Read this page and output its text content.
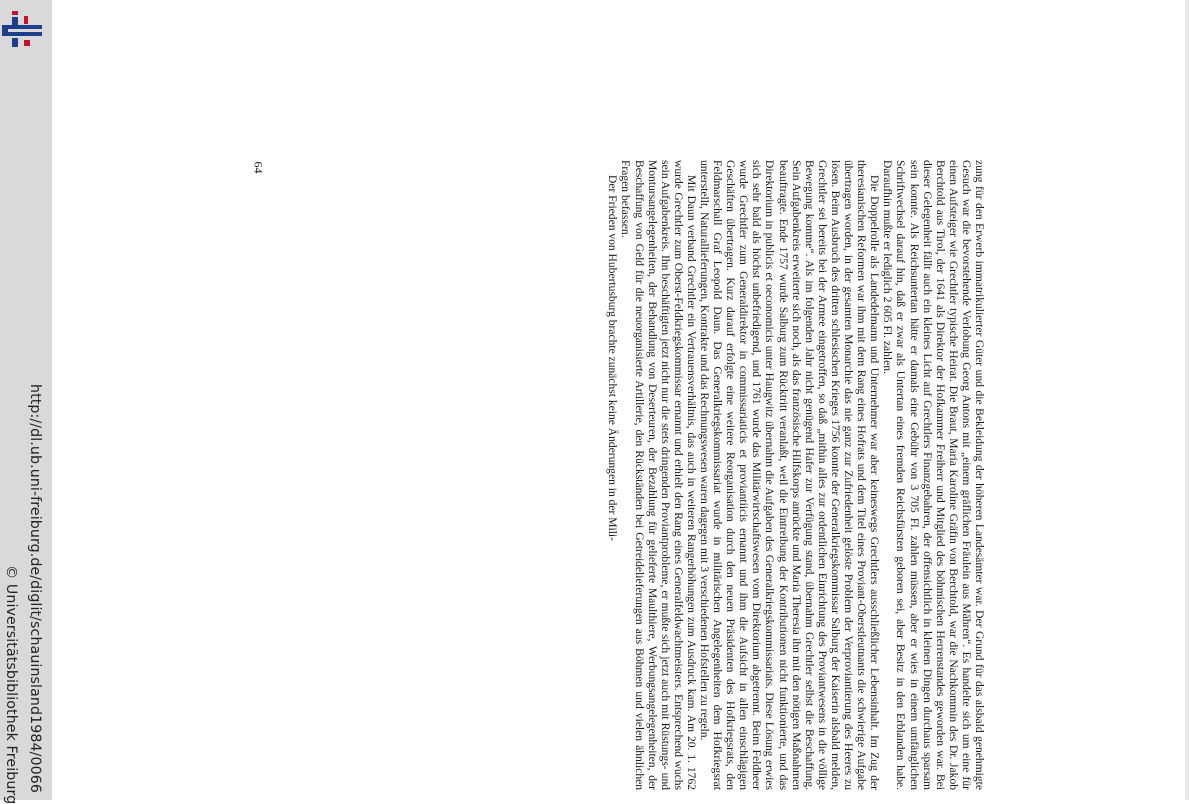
http://dl.ub.uni-freiburg.de/diglit/schauinsland1984/0066
© Universitätsbibliothek Freiburg	zung für den Erwerb immatrikulierter Güter und die Bekleidung der höheren Landesämter war. Der Grund für das alsbald genehmigte Gesuch war die bevorstehende Verlobung Georg Antons mit „einem gräflichen Fräulein aus Mähren“. Es handelte sich um eine für einen Aufsteiger wie Grechtler typische Heirat. Die Braut, Maria Karoline Gräfin von Berchtold, war die Nachkommin des Dr. Jakob Berchtold aus Tirol, der 1641 als Direktor der Hofkammer Freiherr und Mitglied des böhmischen Herrenstandes geworden war. Bei dieser Gelegenheit fällt auch ein kleines Licht auf Grechtlers Finanzgebahren, der offensichtlich in kleinen Dingen durchaus sparsam sein konnte. Als Reichsuntertan hätte er damals eine Gebühr von 3 705 Fl. zahlen müssen, aber er wies in einem umfänglichen Schriftwechsel darauf hin, daß er zwar als Untertan eines fremden Reichsfürsten geboren sei, aber Besitz in den Erblanden habe. Daraufhin mußte er lediglich 2 605 Fl. zahlen.

Die Doppelrolle als Landedelmann und Unternehmer war aber keineswegs Grechtlers ausschließlicher Lebensinhalt. Im Zug der theresianischen Reformen war ihm mit dem Rang eines Hofrats und dem Titel eines Proviant-Oberstleutnants die schwierige Aufgabe übertragen worden, in der gesamten Monarchie das nie ganz zur Zufriedenheit gelöste Problem der Verproviantierung des Heeres zu lösen. Beim Ausbruch des dritten schlesischen Krieges 1756 konnte der Generalkriegskommissar Salburg der Kaiserin alsbald melden, Grechtler sei bereits bei der Armee eingetroffen, so daß „mithin alles zur ordentlichen Einrichtung des Proviantwesens in die völlige Bewegung komme“. Als im folgenden Jahr nicht genügend Hafer zur Verfügung stand, übernahm Grechtler selbst die Beschaffung. Sein Aufgabenkreis erweiterte sich noch, als das französische Hilfskorps anrückte und Maria Theresia ihn mit den nötigen Maßnahmen beauftragte. Ende 1757 wurde Salburg zum Rücktritt veranlaßt, weil die Eintreibung der Kontributionen nicht funktionierte, und das Direktorium in publicis et oeconomicis unter Haugwitz übernahm die Aufgaben des Generalkriegskommissariats. Diese Lösung erwies sich sehr bald als höchst unbefriedigend, und 1761 wurde das Militärwirtschaftswesen vom Direktorium abgetrennt. Beim Feldheer wurde Grechtler zum Generaldirektor in commissariaticis et proviantiicis ernannt und ihm die Aufsicht in allen einschlägigen Geschäften übertragen. Kurz darauf erfolgte eine weitere Reorganisation durch den neuen Präsidenten des Hofkriegsrats, den Feldmarschall Graf Leopold Daun. Das Generalkriegskommissariat wurde in militärischen Angelegenheiten dem Hofkriegsrat unterstellt, Naturallieferungen, Kontrakte und das Rechnungswesen waren dagegen mit 3 verschiedenen Hofstellen zu regeln.

Mit Daun verband Grechtler ein Vertrauensverhältnis, das auch in weiteren Rangerhöhungen zum Ausdruck kam. Am 20. 1. 1762 wurde Grechtler zum Oberst-Feldkriegskommissar ernannt und erhielt den Rang eines Generalfeldwachtmeisters. Entsprechend wuchs sein Aufgabenkreis. Ihn beschäftigten jetzt nicht nur die stets dringenden Proviantprobleme, er mußte sich jetzt auch mit Rüstungs- und Montursangelegenheiten, der Behandlung von Deserteuren, der Bezahlung für gelieferte Maulthiere, Werbungsangelegenheiten, der Beschaffung von Geld für die neuorganisierte Artillerie, den Rückständen bei Getreidelieferungen aus Böhmen und vielen ähnlichen Fragen befassen.

Der Frieden von Hubertusburg brachte zunächst keine Änderungen in der Mili-

64
